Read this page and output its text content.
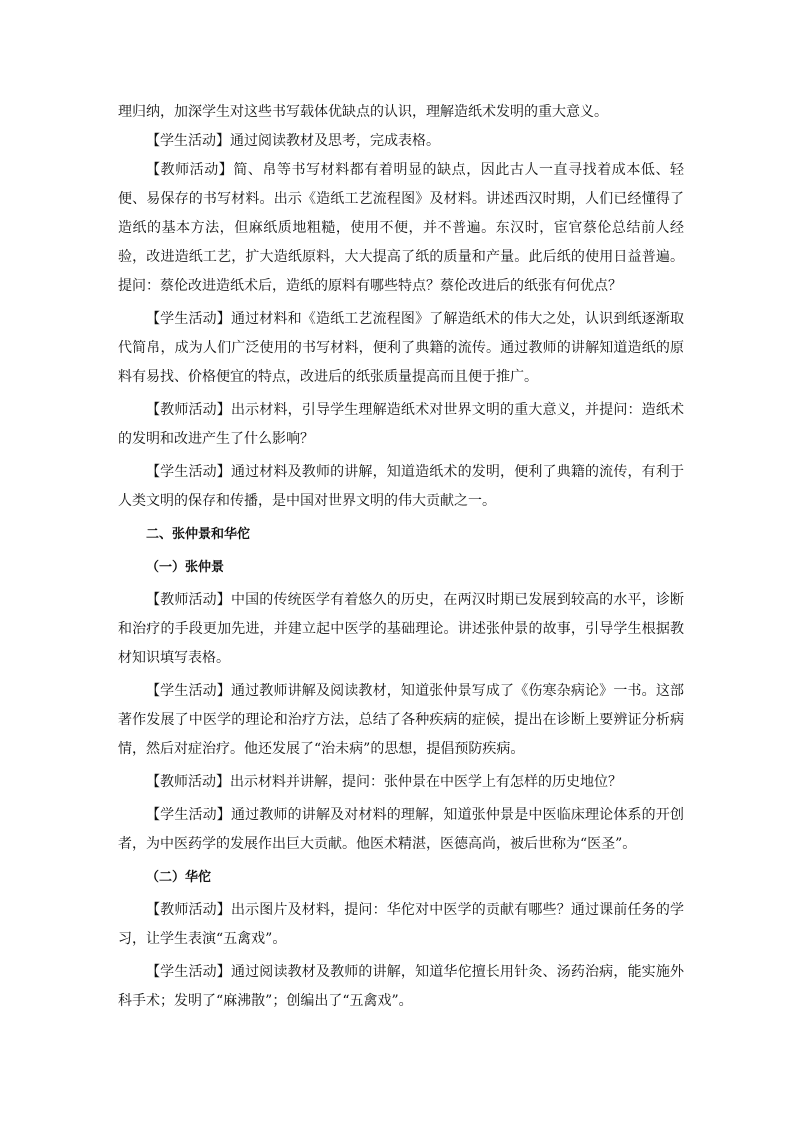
理归纳，加深学生对这些书写载体优缺点的认识，理解造纸术发明的重大意义。

【学生活动】通过阅读教材及思考，完成表格。

【教师活动】简、帛等书写材料都有着明显的缺点，因此古人一直寻找着成本低、轻便、易保存的书写材料。出示《造纸工艺流程图》及材料。讲述西汉时期，人们已经懂得了造纸的基本方法，但麻纸质地粗糙，使用不便，并不普遍。东汉时，宦官蔡伦总结前人经验，改进造纸工艺，扩大造纸原料，大大提高了纸的质量和产量。此后纸的使用日益普遍。提问：蔡伦改进造纸术后，造纸的原料有哪些特点？蔡伦改进后的纸张有何优点？

【学生活动】通过材料和《造纸工艺流程图》了解造纸术的伟大之处，认识到纸逐渐取代简帛，成为人们广泛使用的书写材料，便利了典籍的流传。通过教师的讲解知道造纸的原料有易找、价格便宜的特点，改进后的纸张质量提高而且便于推广。

【教师活动】出示材料，引导学生理解造纸术对世界文明的重大意义，并提问：造纸术的发明和改进产生了什么影响？

【学生活动】通过材料及教师的讲解，知道造纸术的发明，便利了典籍的流传，有利于人类文明的保存和传播，是中国对世界文明的伟大贡献之一。

二、张仲景和华佗

（一）张仲景

【教师活动】中国的传统医学有着悠久的历史，在两汉时期已发展到较高的水平，诊断和治疗的手段更加先进，并建立起中医学的基础理论。讲述张仲景的故事，引导学生根据教材知识填写表格。

【学生活动】通过教师讲解及阅读教材，知道张仲景写成了《伤寒杂病论》一书。这部著作发展了中医学的理论和治疗方法，总结了各种疾病的症候，提出在诊断上要辨证分析病情，然后对症治疗。他还发展了“治未病”的思想，提倡预防疾病。

【教师活动】出示材料并讲解，提问：张仲景在中医学上有怎样的历史地位？

【学生活动】通过教师的讲解及对材料的理解，知道张仲景是中医临床理论体系的开创者，为中医药学的发展作出巨大贡献。他医术精湛，医德高尚，被后世称为“医圣”。

（二）华佗

【教师活动】出示图片及材料，提问：华佗对中医学的贡献有哪些？通过课前任务的学习，让学生表演“五禽戏”。

【学生活动】通过阅读教材及教师的讲解，知道华佗擅长用针灸、汤药治病，能实施外科手术；发明了“麻沸散”；创编出了“五禽戏”。
